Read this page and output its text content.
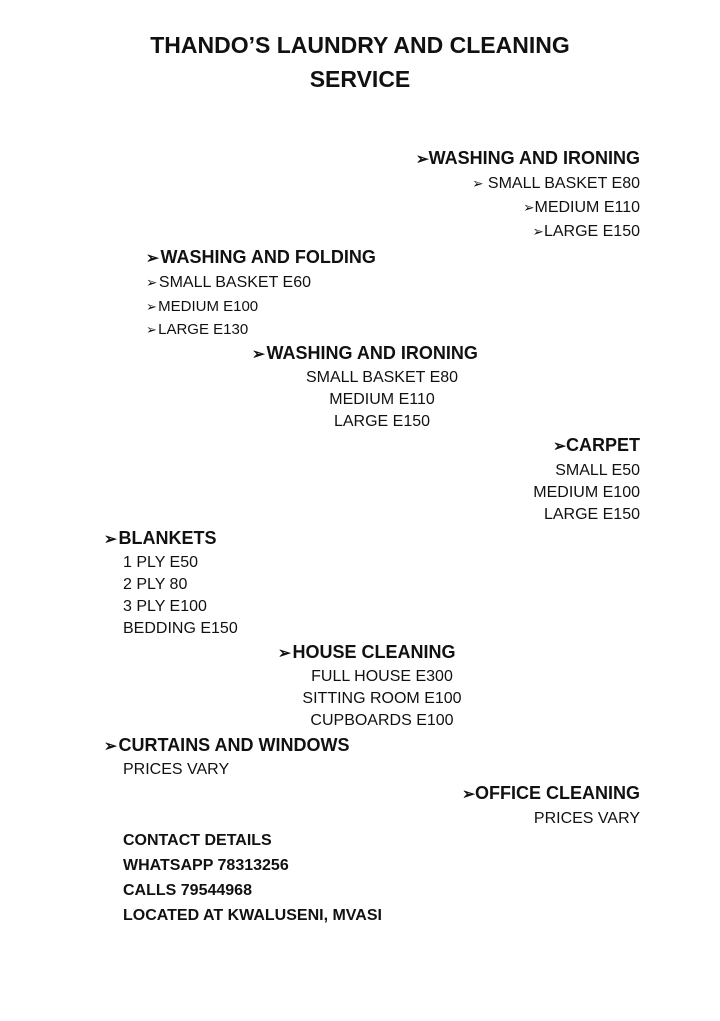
THANDO’S LAUNDRY AND CLEANING
SERVICE
➢WASHING AND IRONING
➢ SMALL BASKET E80
➢MEDIUM E110
➢LARGE E150
➢WASHING AND FOLDING
➢SMALL BASKET E60
➢MEDIUM E100
➢LARGE E130
➢WASHING AND IRONING
SMALL BASKET E80
MEDIUM E110
LARGE E150
➢CARPET
SMALL E50
MEDIUM E100
LARGE E150
➢BLANKETS
1 PLY E50
2 PLY 80
3 PLY E100
BEDDING E150
➢HOUSE CLEANING
FULL HOUSE E300
SITTING ROOM E100
CUPBOARDS E100
➢CURTAINS AND WINDOWS
PRICES VARY
➢OFFICE CLEANING
PRICES VARY
CONTACT DETAILS
WHATSAPP 78313256
CALLS 79544968
LOCATED AT KWALUSENI, MVASI
